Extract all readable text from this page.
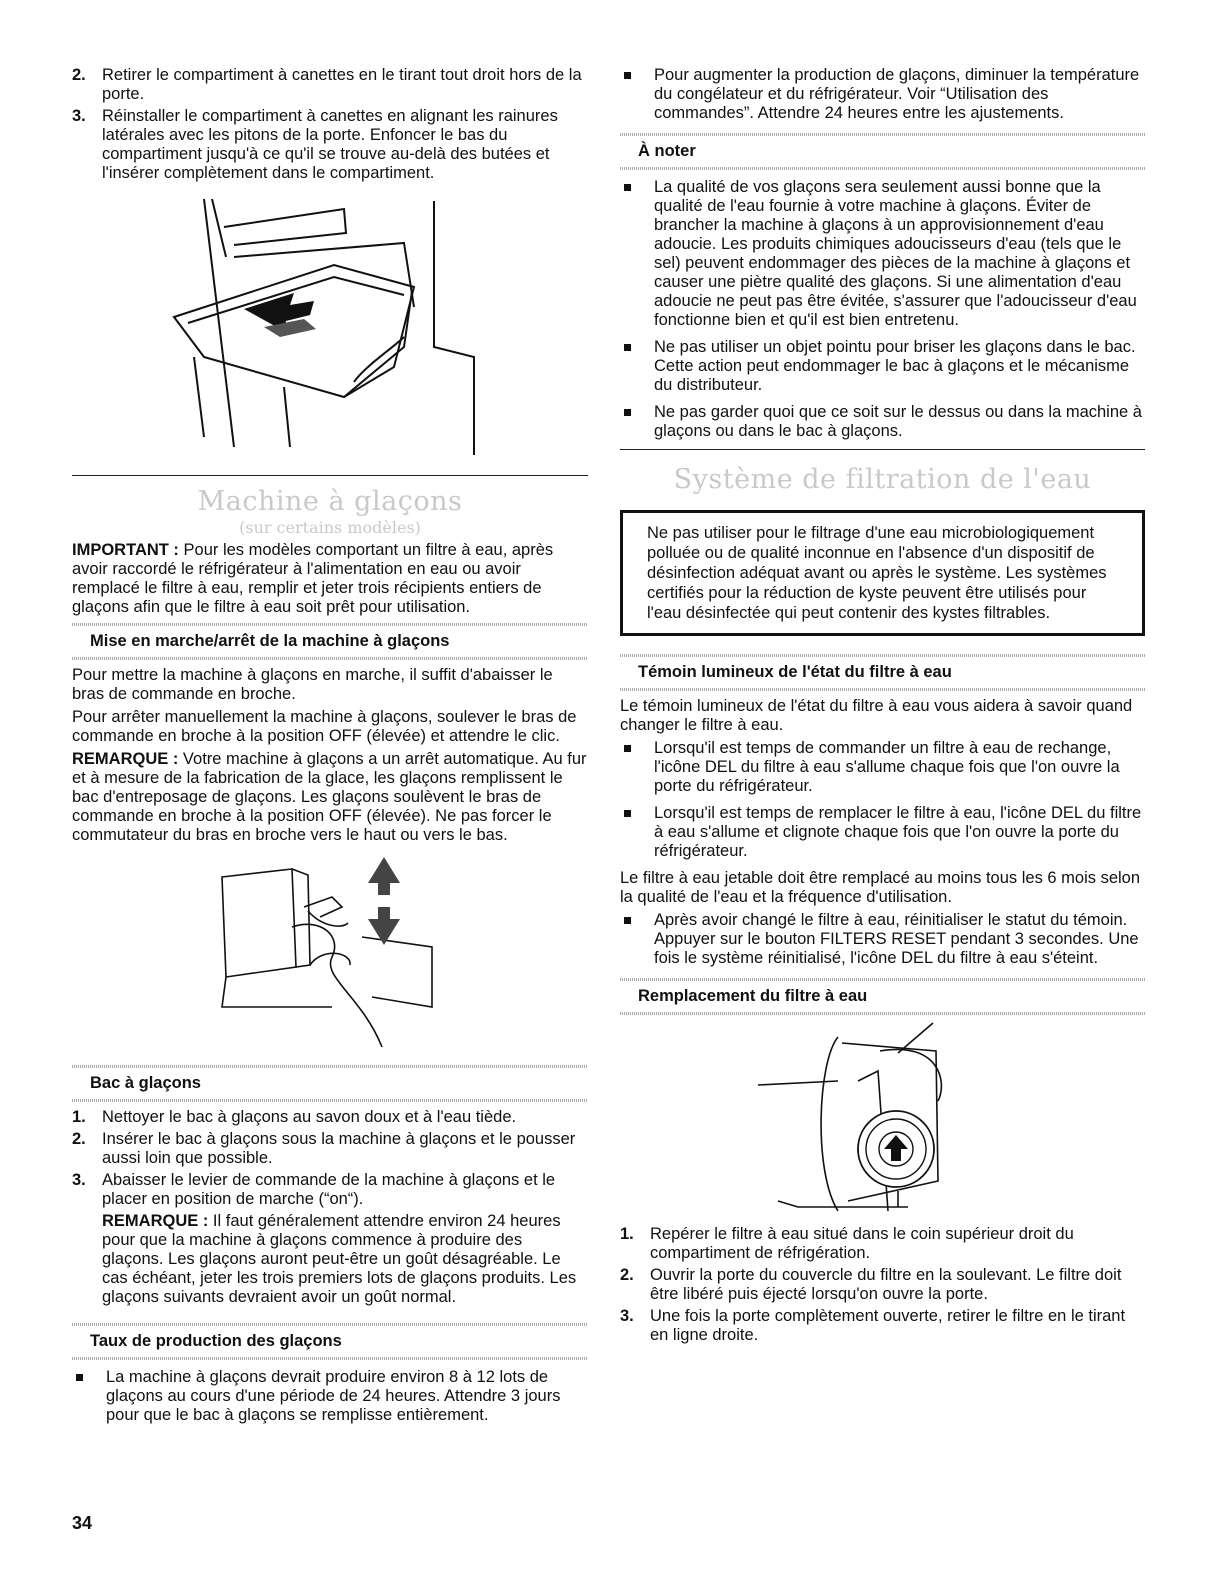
2. Retirer le compartiment à canettes en le tirant tout droit hors de la porte.
3. Réinstaller le compartiment à canettes en alignant les rainures latérales avec les pitons de la porte. Enfoncer le bas du compartiment jusqu'à ce qu'il se trouve au-delà des butées et l'insérer complètement dans le compartiment.
Machine à glaçons
(sur certains modèles)

IMPORTANT : Pour les modèles comportant un filtre à eau, après avoir raccordé le réfrigérateur à l'alimentation en eau ou avoir remplacé le filtre à eau, remplir et jeter trois récipients entiers de glaçons afin que le filtre à eau soit prêt pour utilisation.

Mise en marche/arrêt de la machine à glaçons

Pour mettre la machine à glaçons en marche, il suffit d'abaisser le bras de commande en broche.

Pour arrêter manuellement la machine à glaçons, soulever le bras de commande en broche à la position OFF (élevée) et attendre le clic.

REMARQUE : Votre machine à glaçons a un arrêt automatique. Au fur et à mesure de la fabrication de la glace, les glaçons remplissent le bac d'entreposage de glaçons. Les glaçons soulèvent le bras de commande en broche à la position OFF (élevée). Ne pas forcer le commutateur du bras en broche vers le haut ou vers le bas.

Bac à glaçons
1. Nettoyer le bac à glaçons au savon doux et à l'eau tiède.
2. Insérer le bac à glaçons sous la machine à glaçons et le pousser aussi loin que possible.
3. Abaisser le levier de commande de la machine à glaçons et le placer en position de marche (“on“).
REMARQUE : Il faut généralement attendre environ 24 heures pour que la machine à glaçons commence à produire des glaçons. Les glaçons auront peut-être un goût désagréable. Le cas échéant, jeter les trois premiers lots de glaçons produits. Les glaçons suivants devraient avoir un goût normal.
Taux de production des glaçons
La machine à glaçons devrait produire environ 8 à 12 lots de glaçons au cours d'une période de 24 heures. Attendre 3 jours pour que le bac à glaçons se remplisse entièrement.
Pour augmenter la production de glaçons, diminuer la température du congélateur et du réfrigérateur. Voir “Utilisation des commandes”. Attendre 24 heures entre les ajustements.
À noter
La qualité de vos glaçons sera seulement aussi bonne que la qualité de l'eau fournie à votre machine à glaçons. Éviter de brancher la machine à glaçons à un approvisionnement d'eau adoucie. Les produits chimiques adoucisseurs d'eau (tels que le sel) peuvent endommager des pièces de la machine à glaçons et causer une piètre qualité des glaçons. Si une alimentation d'eau adoucie ne peut pas être évitée, s'assurer que l'adoucisseur d'eau fonctionne bien et qu'il est bien entretenu.
Ne pas utiliser un objet pointu pour briser les glaçons dans le bac. Cette action peut endommager le bac à glaçons et le mécanisme du distributeur.
Ne pas garder quoi que ce soit sur le dessus ou dans la machine à glaçons ou dans le bac à glaçons.
Système de filtration de l'eau
Ne pas utiliser pour le filtrage d'une eau microbiologiquement polluée ou de qualité inconnue en l'absence d'un dispositif de désinfection adéquat avant ou après le système. Les systèmes certifiés pour la réduction de kyste peuvent être utilisés pour l'eau désinfectée qui peut contenir des kystes filtrables.
Témoin lumineux de l'état du filtre à eau

Le témoin lumineux de l'état du filtre à eau vous aidera à savoir quand changer le filtre à eau.

Lorsqu'il est temps de commander un filtre à eau de rechange, l'icône DEL du filtre à eau s'allume chaque fois que l'on ouvre la porte du réfrigérateur.
Lorsqu'il est temps de remplacer le filtre à eau, l'icône DEL du filtre à eau s'allume et clignote chaque fois que l'on ouvre la porte du réfrigérateur.

Le filtre à eau jetable doit être remplacé au moins tous les 6 mois selon la qualité de l'eau et la fréquence d'utilisation.

Après avoir changé le filtre à eau, réinitialiser le statut du témoin. Appuyer sur le bouton FILTERS RESET pendant 3 secondes. Une fois le système réinitialisé, l'icône DEL du filtre à eau s'éteint.
Remplacement du filtre à eau
1. Repérer le filtre à eau situé dans le coin supérieur droit du compartiment de réfrigération.
2. Ouvrir la porte du couvercle du filtre en la soulevant. Le filtre doit être libéré puis éjecté lorsqu'on ouvre la porte.
3. Une fois la porte complètement ouverte, retirer le filtre en le tirant en ligne droite.
34
